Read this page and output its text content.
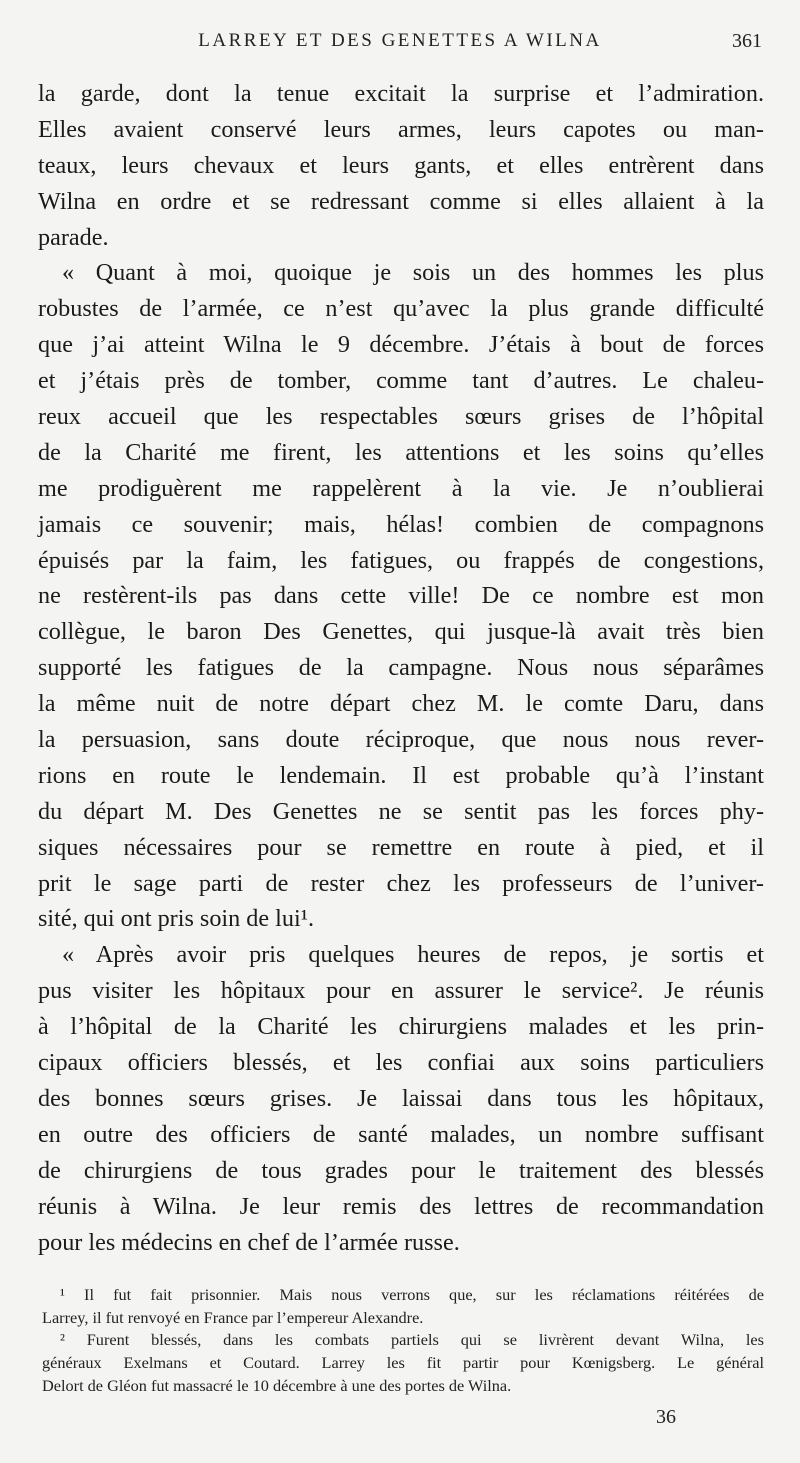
LARREY ET DES GENETTES A WILNA	361
la garde, dont la tenue excitait la surprise et l’admiration.
Elles avaient conservé leurs armes, leurs capotes ou man-
teaux, leurs chevaux et leurs gants, et elles entrèrent dans
Wilna en ordre et se redressant comme si elles allaient à la
parade.
« Quant à moi, quoique je sois un des hommes les plus
robustes de l’armée, ce n’est qu’avec la plus grande difficulté
que j’ai atteint Wilna le 9 décembre. J’étais à bout de forces
et j’étais près de tomber, comme tant d’autres. Le chaleu-
reux accueil que les respectables sœurs grises de l’hôpital
de la Charité me firent, les attentions et les soins qu’elles
me prodiguèrent me rappelèrent à la vie. Je n’oublierai
jamais ce souvenir; mais, hélas! combien de compagnons
épuisés par la faim, les fatigues, ou frappés de congestions,
ne restèrent-ils pas dans cette ville! De ce nombre est mon
collègue, le baron Des Genettes, qui jusque-là avait très bien
supporté les fatigues de la campagne. Nous nous séparâmes
la même nuit de notre départ chez M. le comte Daru, dans
la persuasion, sans doute réciproque, que nous nous rever-
rions en route le lendemain. Il est probable qu’à l’instant
du départ M. Des Genettes ne se sentit pas les forces phy-
siques nécessaires pour se remettre en route à pied, et il
prit le sage parti de rester chez les professeurs de l’univer-
sité, qui ont pris soin de lui¹.
« Après avoir pris quelques heures de repos, je sortis et
pus visiter les hôpitaux pour en assurer le service². Je réunis
à l’hôpital de la Charité les chirurgiens malades et les prin-
cipaux officiers blessés, et les confiai aux soins particuliers
des bonnes sœurs grises. Je laissai dans tous les hôpitaux,
en outre des officiers de santé malades, un nombre suffisant
de chirurgiens de tous grades pour le traitement des blessés
réunis à Wilna. Je leur remis des lettres de recommandation
pour les médecins en chef de l’armée russe.
¹ Il fut fait prisonnier. Mais nous verrons que, sur les réclamations réitérées de
Larrey, il fut renvoyé en France par l’empereur Alexandre.
² Furent blessés, dans les combats partiels qui se livrèrent devant Wilna, les
généraux Exelmans et Coutard. Larrey les fit partir pour Kœnigsberg. Le général
Delort de Gléon fut massacré le 10 décembre à une des portes de Wilna.
36
